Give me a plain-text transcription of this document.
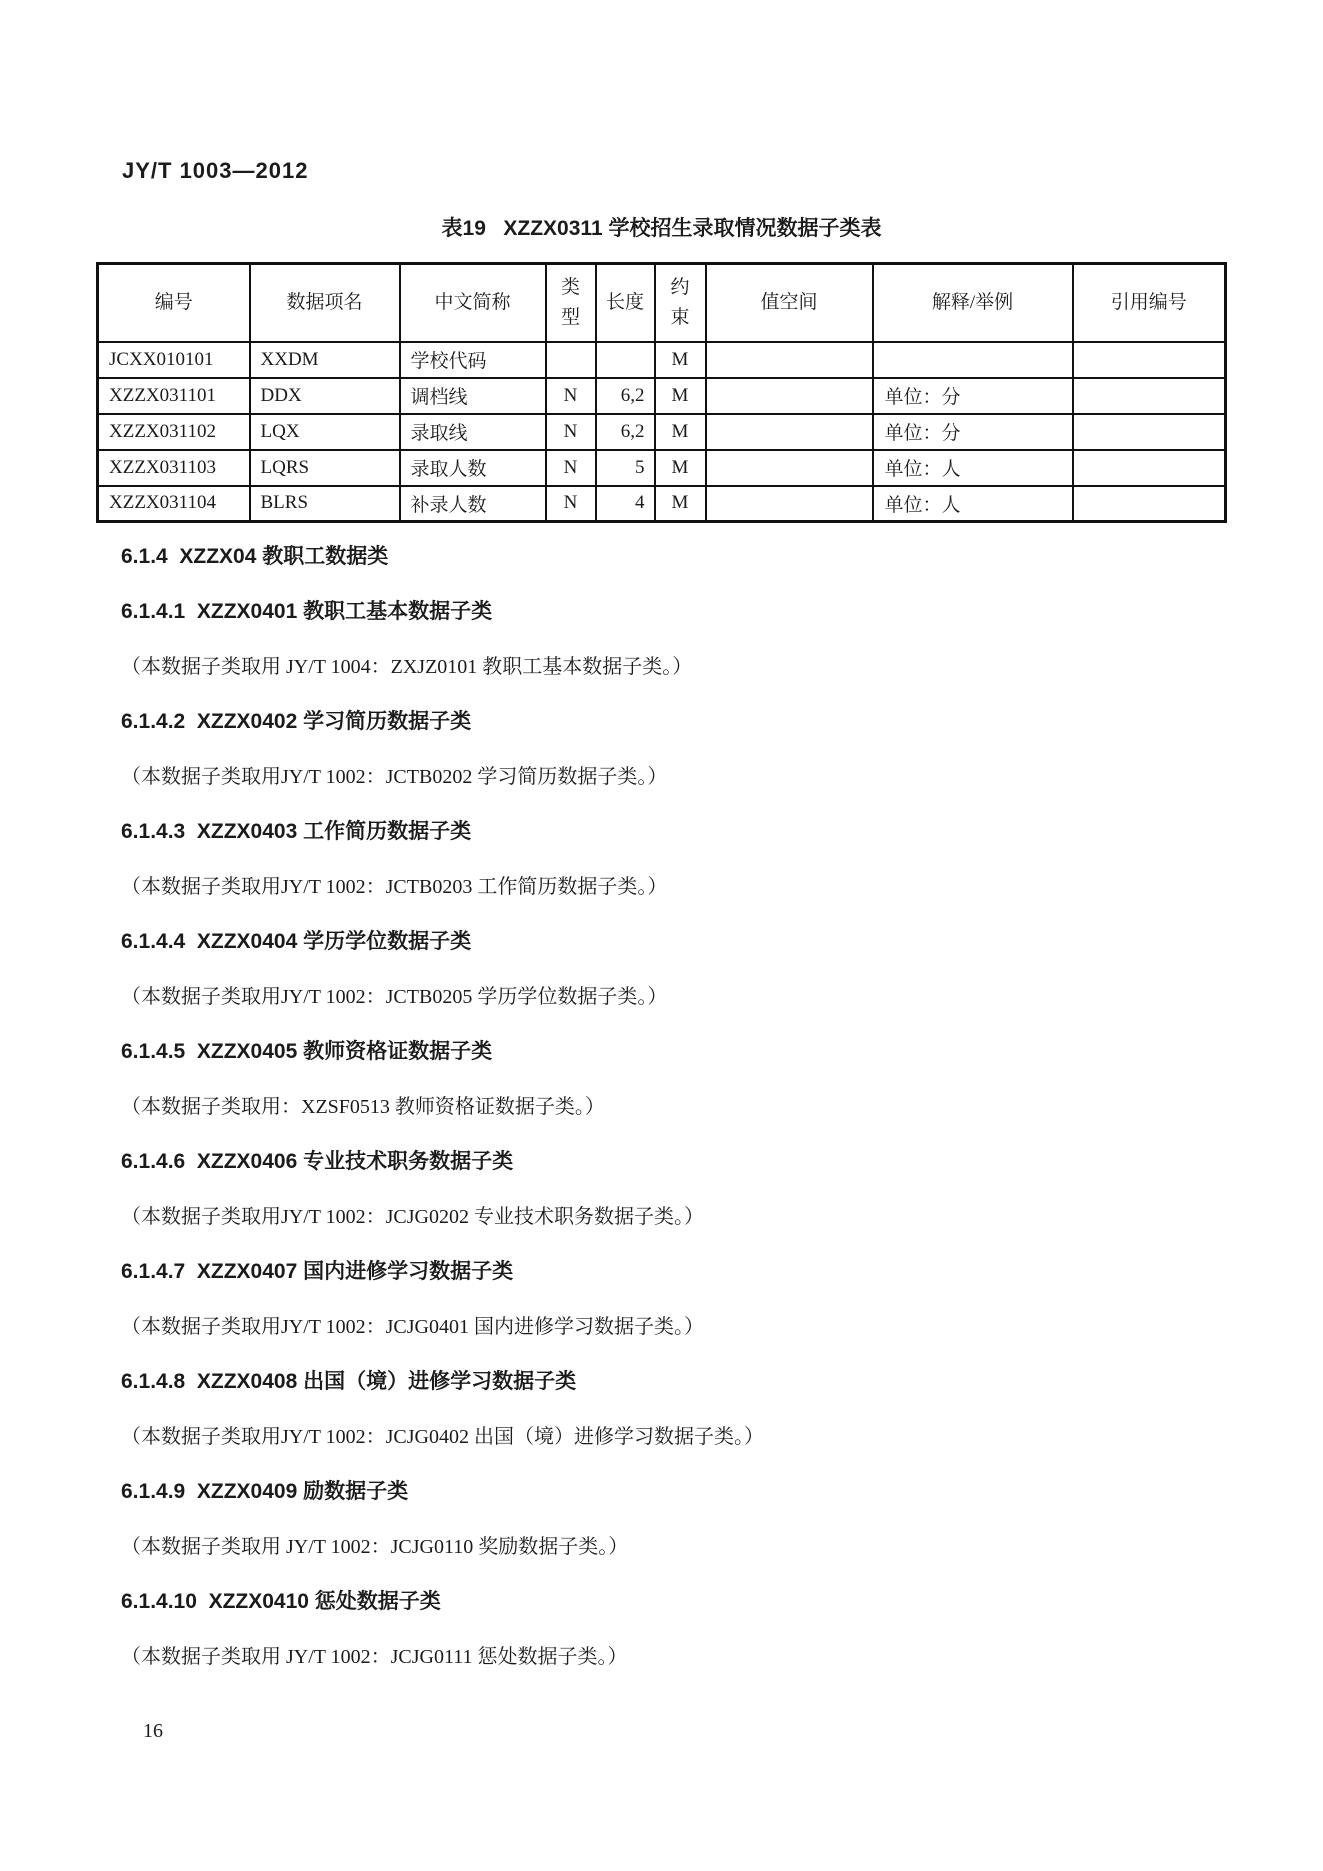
JY/T 1003—2012
表19   XZZX0311 学校招生录取情况数据子类表
编号	数据项名	中文简称	类型	长度	约束	值空间	解释/举例	引用编号
JCXX010101	XXDM	学校代码			M			
XZZX031101	DDX	调档线	N	6,2	M		单位：分	
XZZX031102	LQX	录取线	N	6,2	M		单位：分	
XZZX031103	LQRS	录取人数	N	5	M		单位：人	
XZZX031104	BLRS	补录人数	N	4	M		单位：人	
6.1.4  XZZX04 教职工数据类
6.1.4.1  XZZX0401 教职工基本数据子类
（本数据子类取用 JY/T 1004：ZXJZ0101 教职工基本数据子类。）
6.1.4.2  XZZX0402 学习简历数据子类
（本数据子类取用JY/T 1002：JCTB0202 学习简历数据子类。）
6.1.4.3  XZZX0403 工作简历数据子类
（本数据子类取用JY/T 1002：JCTB0203 工作简历数据子类。）
6.1.4.4  XZZX0404 学历学位数据子类
（本数据子类取用JY/T 1002：JCTB0205 学历学位数据子类。）
6.1.4.5  XZZX0405 教师资格证数据子类
（本数据子类取用：XZSF0513 教师资格证数据子类。）
6.1.4.6  XZZX0406 专业技术职务数据子类
（本数据子类取用JY/T 1002：JCJG0202 专业技术职务数据子类。）
6.1.4.7  XZZX0407 国内进修学习数据子类
（本数据子类取用JY/T 1002：JCJG0401 国内进修学习数据子类。）
6.1.4.8  XZZX0408 出国（境）进修学习数据子类
（本数据子类取用JY/T 1002：JCJG0402 出国（境）进修学习数据子类。）
6.1.4.9  XZZX0409 励数据子类
（本数据子类取用 JY/T 1002：JCJG0110 奖励数据子类。）
6.1.4.10  XZZX0410 惩处数据子类
（本数据子类取用 JY/T 1002：JCJG0111 惩处数据子类。）
16
